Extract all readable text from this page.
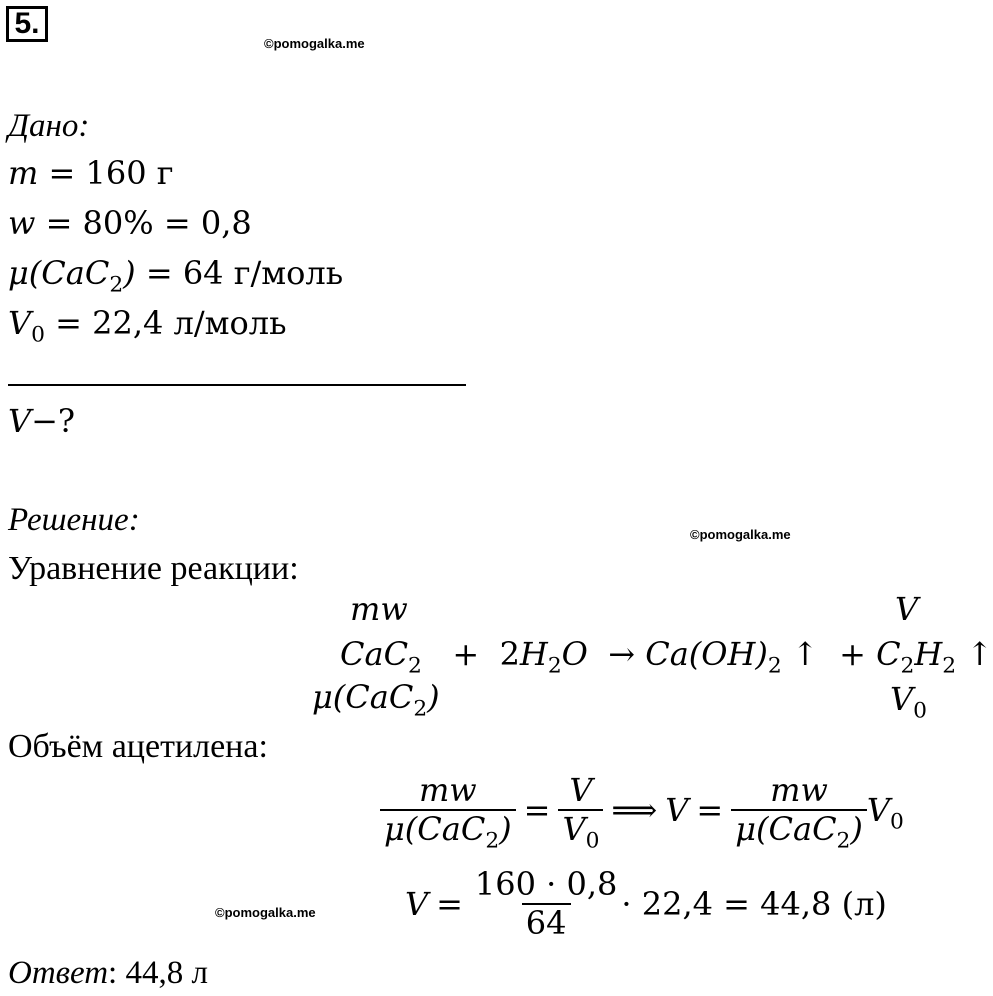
5.
©pomogalka.me
Дано:
m = 160 г
w = 80% = 0,8
μ(CaC$_2$) = 64 г/моль
$V_0 = 22,4$ л/моль
V−?
Решение:	©pomogalka.me
Уравнение реакции:
mw	V
$CaC_2 + 2H_2O \to Ca(OH)_2$ ↑  + $C_2H_2$ ↑
μ(CaC$_2$)	$V_0$
Объём ацетилена:
$\frac{mw}{\mu(CaC_2)} = \frac{V}{V_0}$ ⟹ $V = \frac{mw}{\mu(CaC_2)} V_0$
©pomogalka.me	$V = \frac{160 \cdot 0,8}{64} \cdot 22,4 = 44,8$ (л)
Ответ: 44,8 л
